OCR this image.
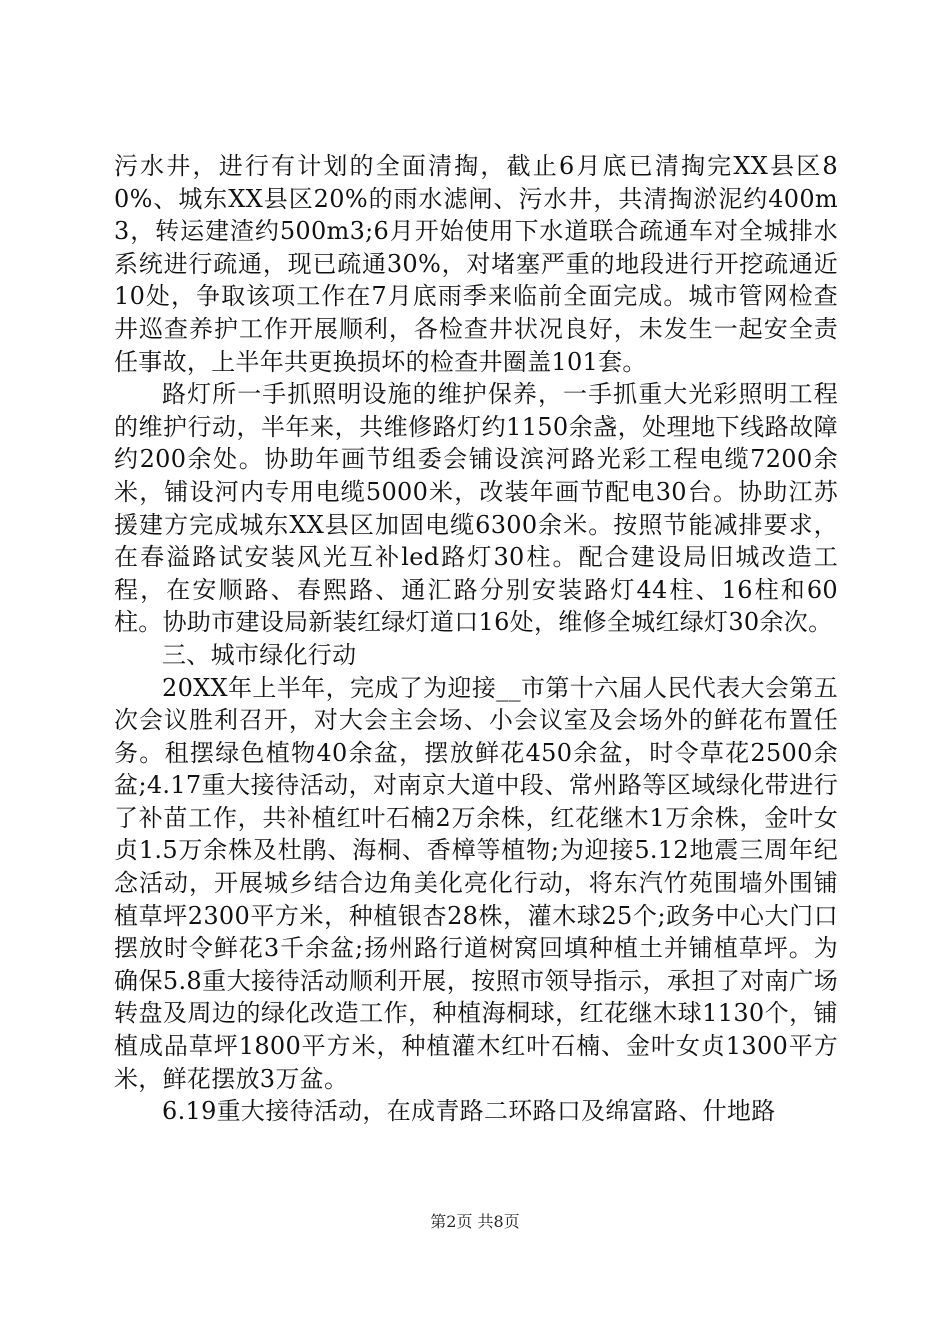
污水井，进行有计划的全面清掏，截止6月底已清掏完XX县区80%、城东XX县区20%的雨水滤闸、污水井，共清掏淤泥约400m3，转运建渣约500m3;6月开始使用下水道联合疏通车对全城排水系统进行疏通，现已疏通30%，对堵塞严重的地段进行开挖疏通近10处，争取该项工作在7月底雨季来临前全面完成。城市管网检查井巡查养护工作开展顺利，各检查井状况良好，未发生一起安全责任事故，上半年共更换损坏的检查井圈盖101套。

路灯所一手抓照明设施的维护保养，一手抓重大光彩照明工程的维护行动，半年来，共维修路灯约1150余盏，处理地下线路故障约200余处。协助年画节组委会铺设滨河路光彩工程电缆7200余米，铺设河内专用电缆5000米，改装年画节配电30台。协助江苏援建方完成城东XX县区加固电缆6300余米。按照节能减排要求，在春溢路试安装风光互补led路灯30柱。配合建设局旧城改造工程，在安顺路、春熙路、通汇路分别安装路灯44柱、16柱和60柱。协助市建设局新装红绿灯道口16处，维修全城红绿灯30余次。

三、城市绿化行动

20XX年上半年，完成了为迎接__市第十六届人民代表大会第五次会议胜利召开，对大会主会场、小会议室及会场外的鲜花布置任务。租摆绿色植物40余盆，摆放鲜花450余盆，时令草花2500余盆;4.17重大接待活动，对南京大道中段、常州路等区域绿化带进行了补苗工作，共补植红叶石楠2万余株，红花继木1万余株，金叶女贞1.5万余株及杜鹃、海桐、香樟等植物;为迎接5.12地震三周年纪念活动，开展城乡结合边角美化亮化行动，将东汽竹苑围墙外围铺植草坪2300平方米，种植银杏28株，灌木球25个;政务中心大门口摆放时令鲜花3千余盆;扬州路行道树窝回填种植土并铺植草坪。为确保5.8重大接待活动顺利开展，按照市领导指示，承担了对南广场转盘及周边的绿化改造工作，种植海桐球，红花继木球1130个，铺植成品草坪1800平方米，种植灌木红叶石楠、金叶女贞1300平方米，鲜花摆放3万盆。

6.19重大接待活动，在成青路二环路口及绵富路、什地路

第2页 共8页
